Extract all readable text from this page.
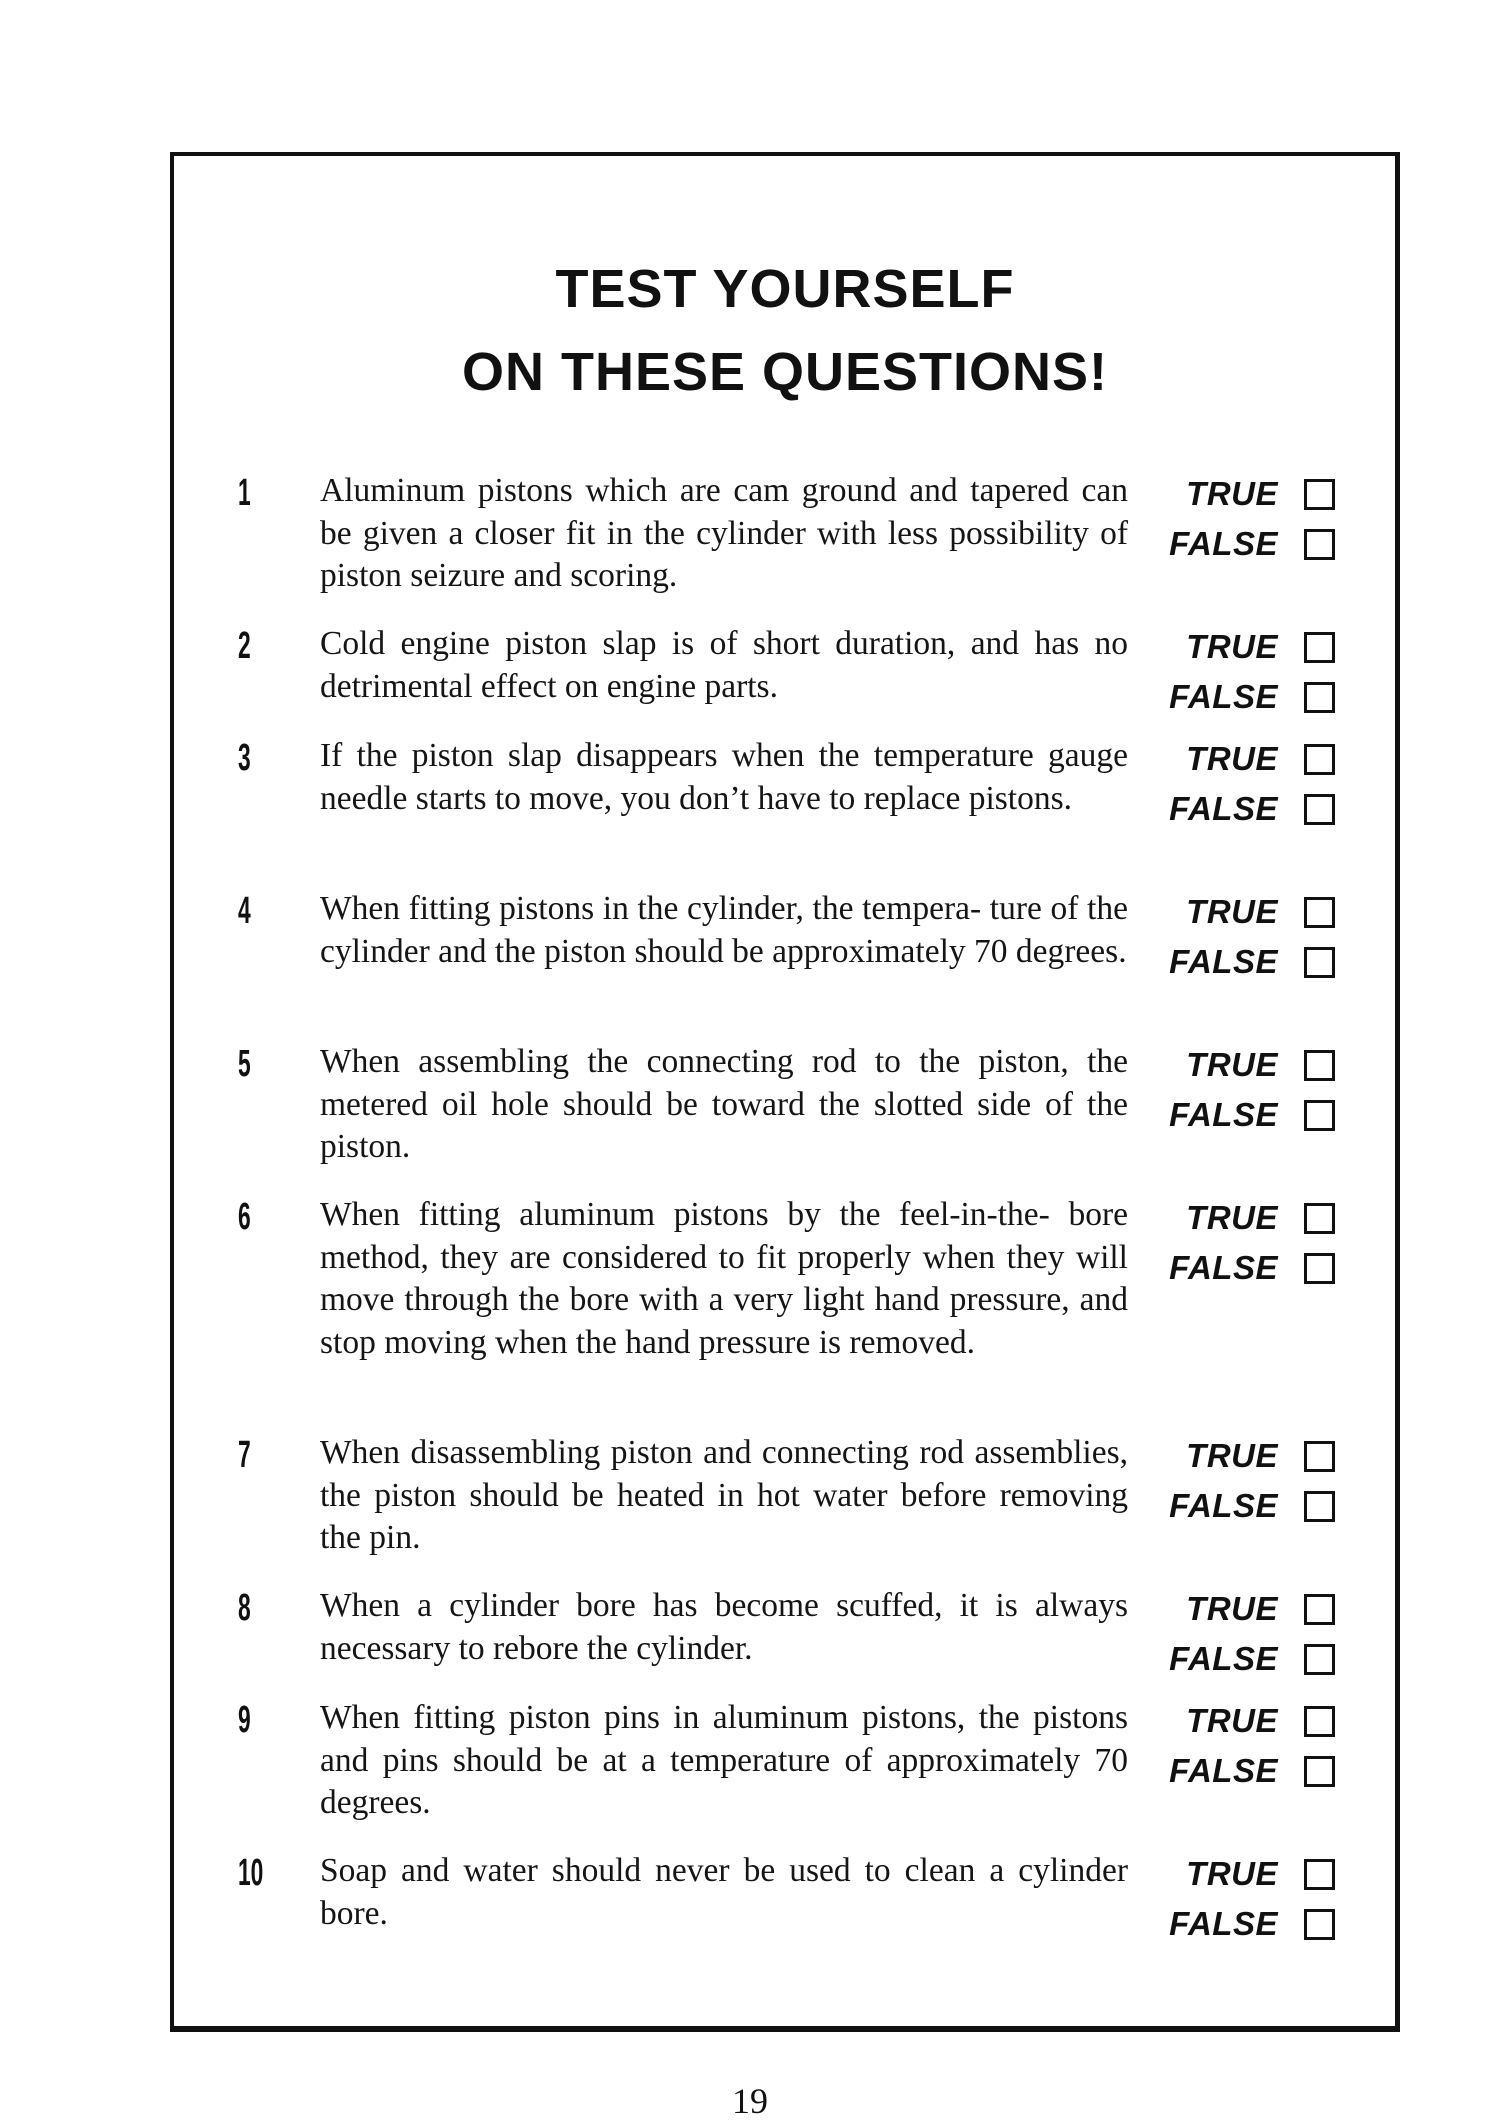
TEST YOURSELF
ON THESE QUESTIONS!
1	Aluminum pistons which are cam ground and tapered can be given a closer fit in the cylinder with less possibility of piston seizure and scoring.
TRUE
FALSE
2	Cold engine piston slap is of short duration, and has no detrimental effect on engine parts.
TRUE
FALSE
3	If the piston slap disappears when the temperature gauge needle starts to move, you don’t have to replace pistons.
TRUE
FALSE
4	When fitting pistons in the cylinder, the tempera- ture of the cylinder and the piston should be approximately 70 degrees.
TRUE
FALSE
5	When assembling the connecting rod to the piston, the metered oil hole should be toward the slotted side of the piston.
TRUE
FALSE
6	When fitting aluminum pistons by the feel-in-the- bore method, they are considered to fit properly when they will move through the bore with a very light hand pressure, and stop moving when the hand pressure is removed.
TRUE
FALSE
7	When disassembling piston and connecting rod assemblies, the piston should be heated in hot water before removing the pin.
TRUE
FALSE
8	When a cylinder bore has become scuffed, it is always necessary to rebore the cylinder.
TRUE
FALSE
9	When fitting piston pins in aluminum pistons, the pistons and pins should be at a temperature of approximately 70 degrees.
TRUE
FALSE
10 Soap and water should never be used to clean a cylinder bore.
TRUE
FALSE
19
